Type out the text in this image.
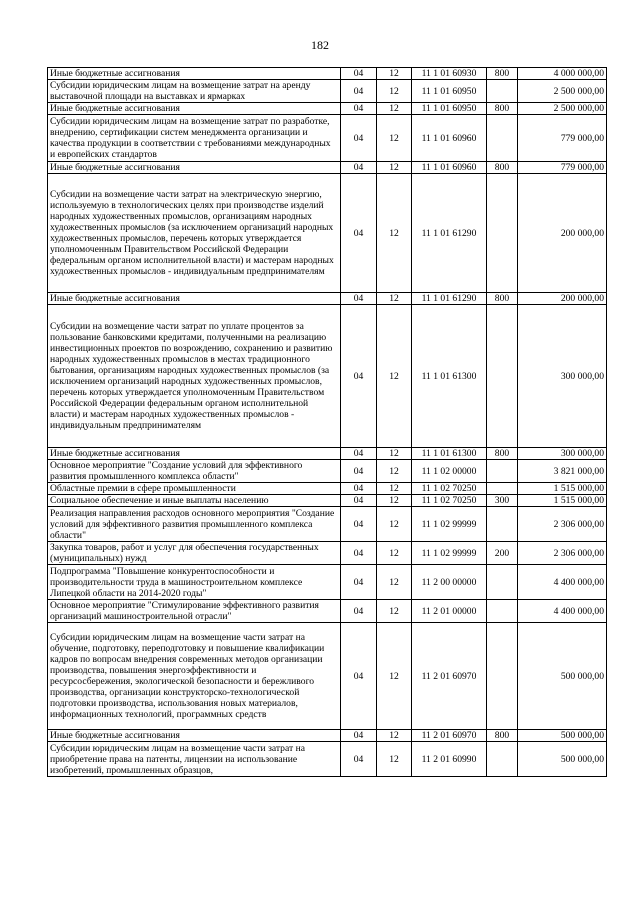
182
Иные бюджетные ассигнования	04	12	11 1 01 60930	800	4 000 000,00
Субсидии юридическим лицам на возмещение затрат на аренду выставочной площади на выставках и ярмарках	04	12	11 1 01 60950		2 500 000,00
Иные бюджетные ассигнования	04	12	11 1 01 60950	800	2 500 000,00
Субсидии юридическим лицам на возмещение затрат по разработке, внедрению, сертификации систем менеджмента организации и качества продукции в соответствии с требованиями международных и европейских стандартов	04	12	11 1 01 60960		779 000,00
Иные бюджетные ассигнования	04	12	11 1 01 60960	800	779 000,00
Субсидии на возмещение части затрат на электрическую энергию, используемую в технологических целях при производстве изделий народных художественных промыслов, организациям народных художественных промыслов (за исключением организаций народных художественных промыслов, перечень которых утверждается уполномоченным Правительством Российской Федерации федеральным органом исполнительной власти) и мастерам народных художественных промыслов - индивидуальным предпринимателям	04	12	11 1 01 61290		200 000,00
Иные бюджетные ассигнования	04	12	11 1 01 61290	800	200 000,00
Субсидии на возмещение части затрат по уплате процентов за пользование банковскими кредитами, полученными на реализацию инвестиционных проектов по возрождению, сохранению и развитию народных художественных промыслов в местах традиционного бытования, организациям народных художественных промыслов (за исключением организаций народных художественных промыслов, перечень которых утверждается уполномоченным Правительством Российской Федерации федеральным органом исполнительной власти) и мастерам народных художественных промыслов - индивидуальным предпринимателям	04	12	11 1 01 61300		300 000,00
Иные бюджетные ассигнования	04	12	11 1 01 61300	800	300 000,00
Основное мероприятие "Создание условий для эффективного развития промышленного комплекса области"	04	12	11 1 02 00000		3 821 000,00
Областные премии в сфере промышленности	04	12	11 1 02 70250		1 515 000,00
Социальное обеспечение и иные выплаты населению	04	12	11 1 02 70250	300	1 515 000,00
Реализация направления расходов основного мероприятия "Создание условий для эффективного развития промышленного комплекса области"	04	12	11 1 02 99999		2 306 000,00
Закупка товаров, работ и услуг для обеспечения государственных (муниципальных) нужд	04	12	11 1 02 99999	200	2 306 000,00
Подпрограмма "Повышение конкурентоспособности и производительности труда в машиностроительном комплексе Липецкой области на 2014-2020 годы"	04	12	11 2 00 00000		4 400 000,00
Основное мероприятие "Стимулирование эффективного развития организаций машиностроительной отрасли"	04	12	11 2 01 00000		4 400 000,00
Субсидии юридическим лицам на возмещение части затрат на обучение, подготовку, переподготовку и повышение квалификации кадров по вопросам внедрения современных методов организации производства, повышения энергоэффективности и ресурсосбережения, экологической безопасности и бережливого производства, организации конструкторско-технологической подготовки производства, использования новых материалов, информационных технологий, программных средств	04	12	11 2 01 60970		500 000,00
Иные бюджетные ассигнования	04	12	11 2 01 60970	800	500 000,00
Субсидии юридическим лицам на возмещение части затрат на приобретение права на патенты, лицензии на использование изобретений, промышленных образцов,	04	12	11 2 01 60990		500 000,00
